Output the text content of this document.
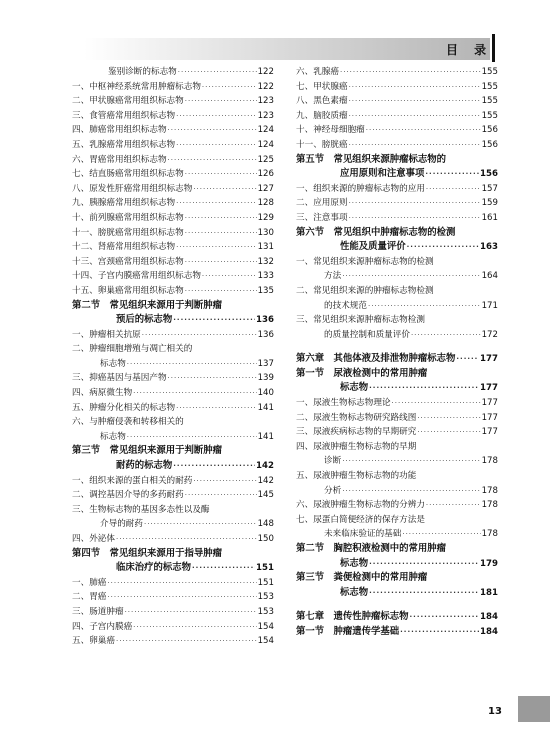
目 录
鉴别诊断的标志物 ·····	122
一、中枢神经系统常用肿瘤标志物 ·····	122
二、甲状腺癌常用组织标志物 ·····	123
三、食管癌常用组织标志物 ·····	123
四、肺癌常用组织标志物 ·····	124
五、乳腺癌常用组织标志物 ·····	124
六、胃癌常用组织标志物 ·····	125
七、结直肠癌常用组织标志物 ·····	126
八、原发性肝癌常用组织标志物 ·····	127
九、胰腺癌常用组织标志物 ·····	128
十、前列腺癌常用组织标志物 ·····	129
十一、膀胱癌常用组织标志物 ·····	130
十二、肾癌常用组织标志物 ·····	131
十三、宫颈癌常用组织标志物 ·····	132
十四、子宫内膜癌常用组织标志物 ·····	133
十五、卵巢癌常用组织标志物 ·····	135
第二节　常见组织来源用于判断肿瘤
预后的标志物 ·····	136
一、肿瘤相关抗原 ·····	136
二、肿瘤细胞增殖与凋亡相关的
标志物 ·····	137
三、抑癌基因与基因产物 ·····	139
四、病原微生物 ·····	140
五、肿瘤分化相关的标志物 ·····	141
六、与肿瘤侵袭和转移相关的
标志物 ·····	141
第三节　常见组织来源用于判断肿瘤
耐药的标志物 ·····	142
一、组织来源的蛋白相关的耐药 ·····	142
二、调控基因介导的多药耐药 ·····	145
三、生物标志物的基因多态性以及酶
介导的耐药 ·····	148
四、外泌体 ·····	150
第四节　常见组织来源用于指导肿瘤
临床治疗的标志物 ·····	151
一、肺癌 ·····	151
二、胃癌 ·····	153
三、肠道肿瘤 ·····	153
四、子宫内膜癌 ·····	154
五、卵巢癌 ·····	154
六、乳腺癌 ·····	155
七、甲状腺癌 ·····	155
八、黑色素瘤 ·····	155
九、脑胶质瘤 ·····	155
十、神经母细胞瘤 ·····	156
十一、膀胱癌 ·····	156
第五节　常见组织来源肿瘤标志物的
应用原则和注意事项 ·····	156
一、组织来源的肿瘤标志物的应用 ·····	157
二、应用原则 ·····	159
三、注意事项 ·····	161
第六节　常见组织中肿瘤标志物的检测
性能及质量评价 ·····	163
一、常见组织来源肿瘤标志物的检测
方法 ·····	164
二、常见组织来源的肿瘤标志物检测
的技术规范 ·····	171
三、常见组织来源肿瘤标志物检测
的质量控制和质量评价 ·····	172
第六章　其他体液及排泄物肿瘤标志物 ·····	177
第一节　尿液检测中的常用肿瘤
标志物 ·····	177
一、尿液生物标志物理论 ·····	177
二、尿液生物标志物研究路线图 ·····	177
三、尿液疾病标志物的早期研究 ·····	177
四、尿液肿瘤生物标志物的早期
诊断 ·····	178
五、尿液肿瘤生物标志物的功能
分析 ·····	178
六、尿液肿瘤生物标志物的分辨力 ·····	178
七、尿蛋白简便经济的保存方法是
未来临床验证的基础 ·····	178
第二节　胸腔积液检测中的常用肿瘤
标志物 ·····	179
第三节　粪便检测中的常用肿瘤
标志物 ·····	181
第七章　遗传性肿瘤标志物 ·····	184
第一节　肿瘤遗传学基础 ·····	184
13
